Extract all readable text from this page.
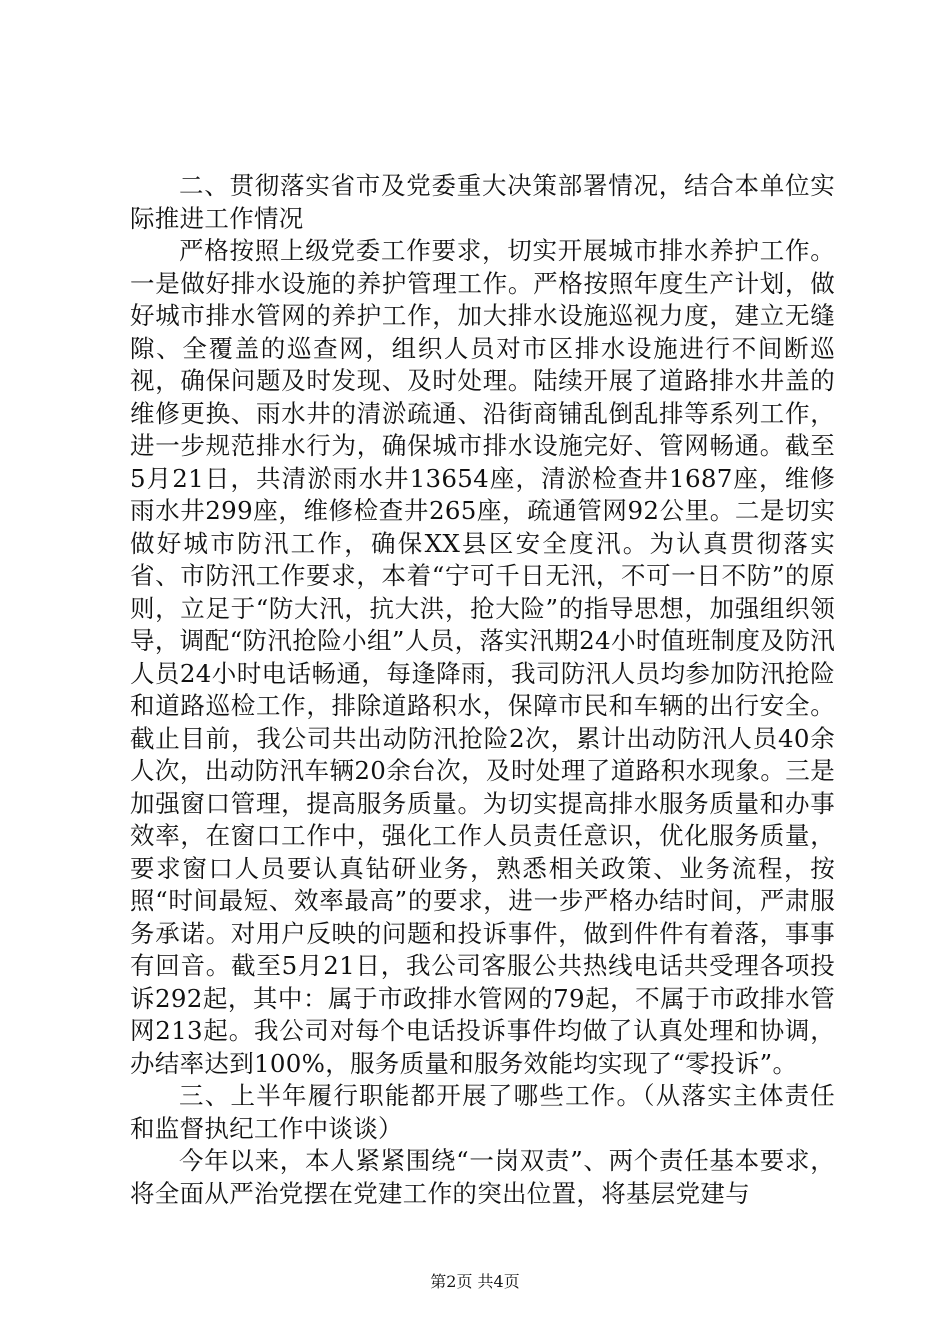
二、贯彻落实省市及党委重大决策部署情况，结合本单位实际推进工作情况

严格按照上级党委工作要求，切实开展城市排水养护工作。一是做好排水设施的养护管理工作。严格按照年度生产计划，做好城市排水管网的养护工作，加大排水设施巡视力度，建立无缝隙、全覆盖的巡查网，组织人员对市区排水设施进行不间断巡视，确保问题及时发现、及时处理。陆续开展了道路排水井盖的维修更换、雨水井的清淤疏通、沿街商铺乱倒乱排等系列工作，进一步规范排水行为，确保城市排水设施完好、管网畅通。截至5月21日，共清淤雨水井13654座，清淤检查井1687座，维修雨水井299座，维修检查井265座，疏通管网92公里。二是切实做好城市防汛工作，确保XX县区安全度汛。为认真贯彻落实省、市防汛工作要求，本着“宁可千日无汛，不可一日不防”的原则，立足于“防大汛，抗大洪，抢大险”的指导思想，加强组织领导，调配“防汛抢险小组”人员，落实汛期24小时值班制度及防汛人员24小时电话畅通，每逢降雨，我司防汛人员均参加防汛抢险和道路巡检工作，排除道路积水，保障市民和车辆的出行安全。截止目前，我公司共出动防汛抢险2次，累计出动防汛人员40余人次，出动防汛车辆20余台次，及时处理了道路积水现象。三是加强窗口管理，提高服务质量。为切实提高排水服务质量和办事效率，在窗口工作中，强化工作人员责任意识，优化服务质量，要求窗口人员要认真钻研业务，熟悉相关政策、业务流程，按照“时间最短、效率最高”的要求，进一步严格办结时间，严肃服务承诺。对用户反映的问题和投诉事件，做到件件有着落，事事有回音。截至5月21日，我公司客服公共热线电话共受理各项投诉292起，其中：属于市政排水管网的79起，不属于市政排水管网213起。我公司对每个电话投诉事件均做了认真处理和协调，办结率达到100%，服务质量和服务效能均实现了“零投诉”。

三、上半年履行职能都开展了哪些工作。（从落实主体责任和监督执纪工作中谈谈）

今年以来，本人紧紧围绕“一岗双责”、两个责任基本要求，将全面从严治党摆在党建工作的突出位置，将基层党建与

第2页 共4页
